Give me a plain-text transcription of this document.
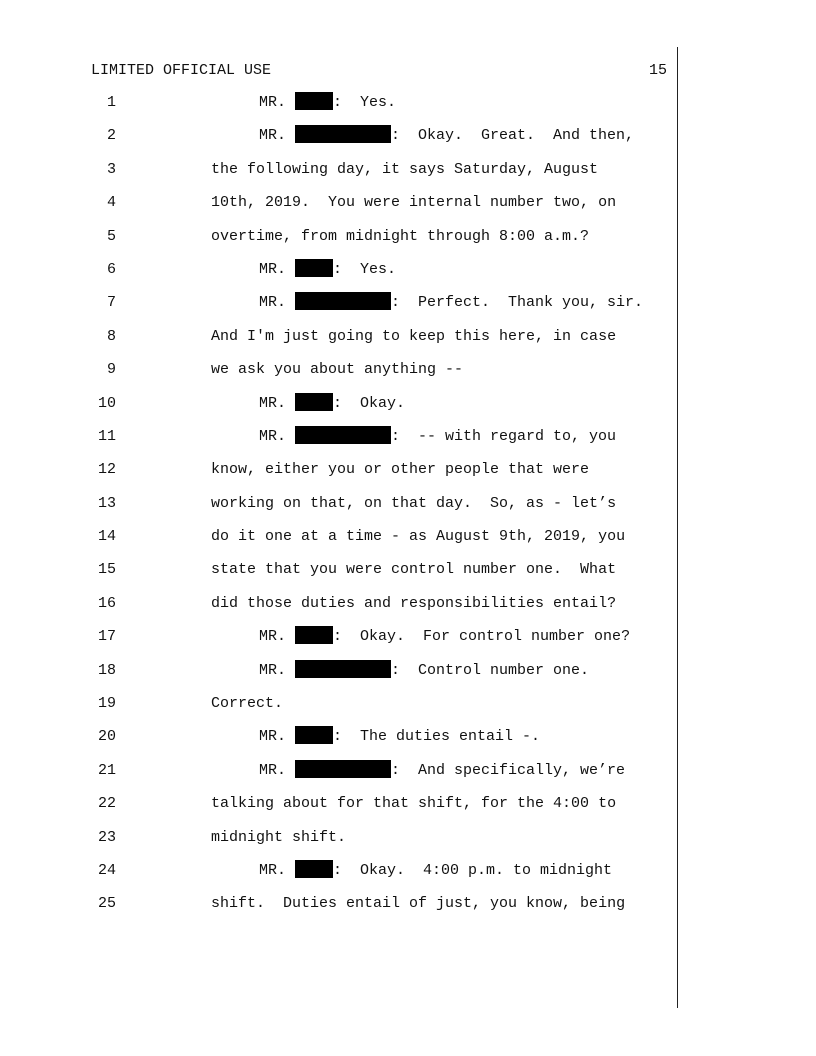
LIMITED OFFICIAL USE	15
1	MR.	:  Yes.
2	MR.	:  Okay.  Great.  And then,
3	the following day, it says Saturday, August
4	10th, 2019.  You were internal number two, on
5	overtime, from midnight through 8:00 a.m.?
6	MR.	:  Yes.
7	MR.	:  Perfect.  Thank you, sir.
8	And I'm just going to keep this here, in case
9	we ask you about anything --
10	MR.	:  Okay.
11	MR.	:  -- with regard to, you
12	know, either you or other people that were
13	working on that, on that day.  So, as - let’s
14	do it one at a time - as August 9th, 2019, you
15	state that you were control number one.  What
16	did those duties and responsibilities entail?
17	MR.	:  Okay.  For control number one?
18	MR.	:  Control number one.
19	Correct.
20	MR.	:  The duties entail -.
21	MR.	:  And specifically, we’re
22	talking about for that shift, for the 4:00 to
23	midnight shift.
24	MR.	:  Okay.  4:00 p.m. to midnight
25	shift.  Duties entail of just, you know, being
